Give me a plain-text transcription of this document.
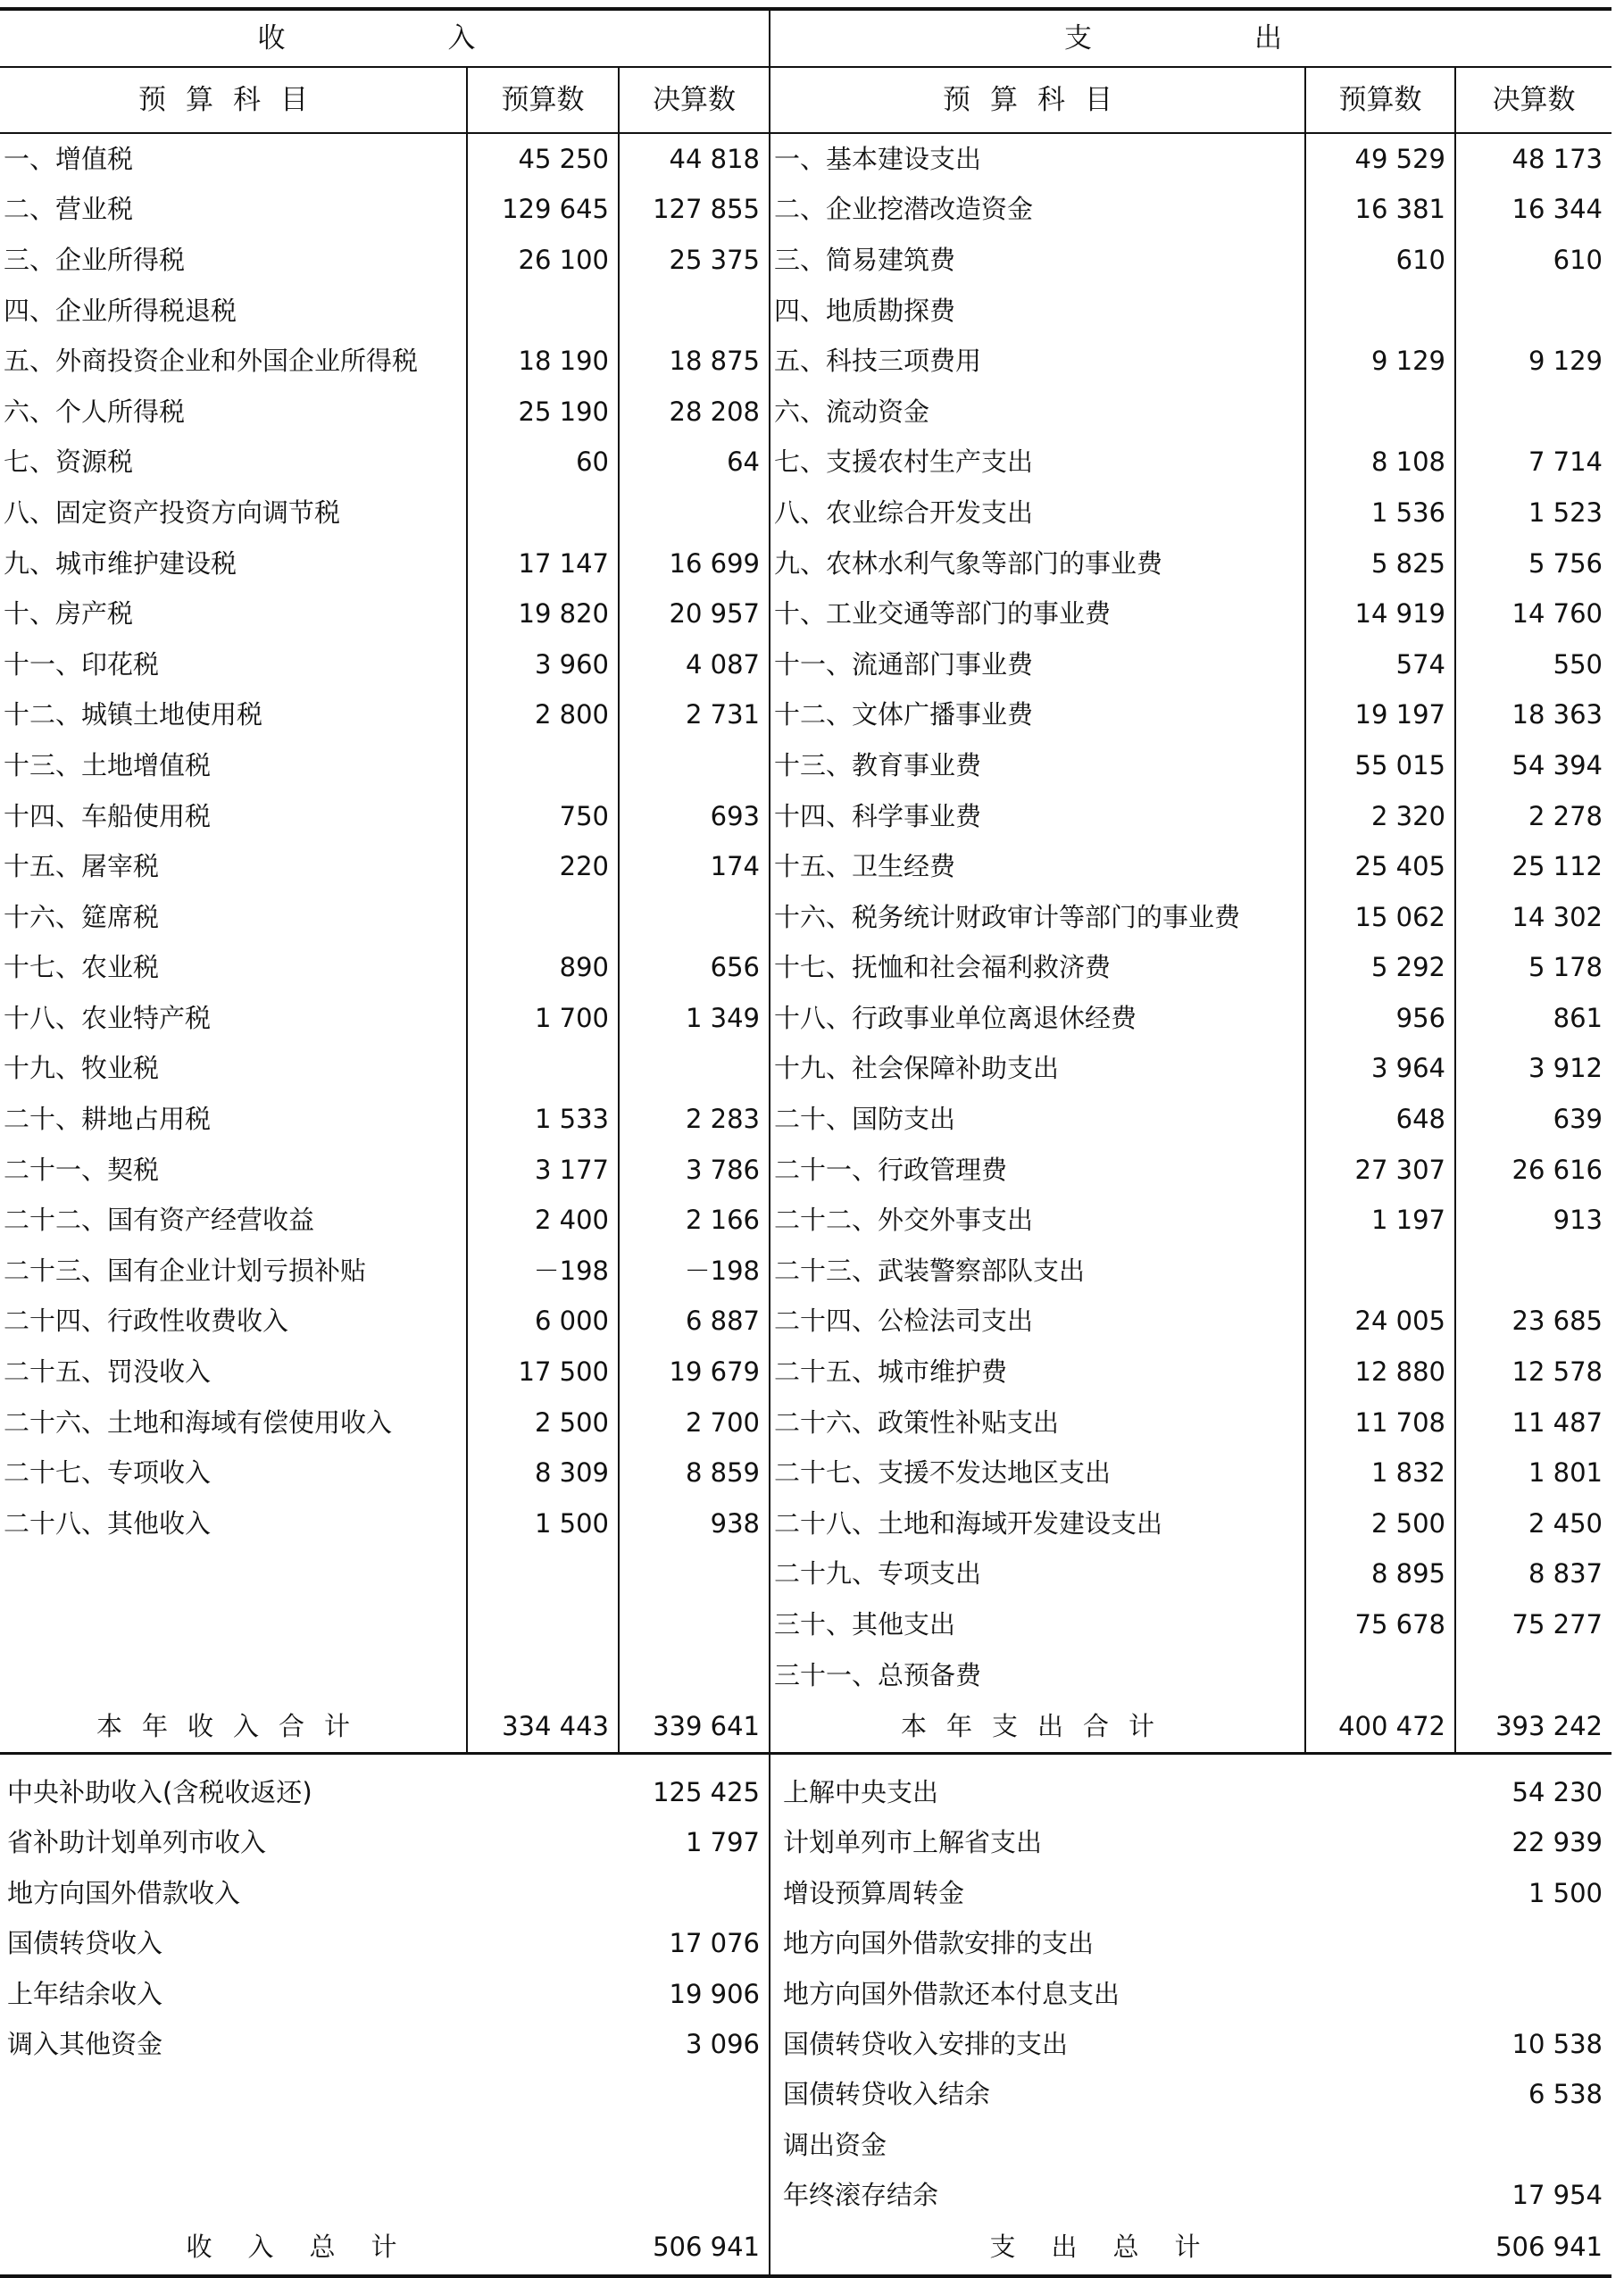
收　　入			支　　出		
预算科目	预算数	决算数	预算科目	预算数	决算数
一、增值税	45 250	44 818	一、基本建设支出	49 529	48 173
二、营业税	129 645	127 855	二、企业挖潜改造资金	16 381	16 344
三、企业所得税	26 100	25 375	三、简易建筑费	610	610
四、企业所得税退税			四、地质勘探费		
五、外商投资企业和外国企业所得税	18 190	18 875	五、科技三项费用	9 129	9 129
六、个人所得税	25 190	28 208	六、流动资金		
七、资源税	60	64	七、支援农村生产支出	8 108	7 714
八、固定资产投资方向调节税			八、农业综合开发支出	1 536	1 523
九、城市维护建设税	17 147	16 699	九、农林水利气象等部门的事业费	5 825	5 756
十、房产税	19 820	20 957	十、工业交通等部门的事业费	14 919	14 760
十一、印花税	3 960	4 087	十一、流通部门事业费	574	550
十二、城镇土地使用税	2 800	2 731	十二、文体广播事业费	19 197	18 363
十三、土地增值税			十三、教育事业费	55 015	54 394
十四、车船使用税	750	693	十四、科学事业费	2 320	2 278
十五、屠宰税	220	174	十五、卫生经费	25 405	25 112
十六、筵席税			十六、税务统计财政审计等部门的事业费	15 062	14 302
十七、农业税	890	656	十七、抚恤和社会福利救济费	5 292	5 178
十八、农业特产税	1 700	1 349	十八、行政事业单位离退休经费	956	861
十九、牧业税			十九、社会保障补助支出	3 964	3 912
二十、耕地占用税	1 533	2 283	二十、国防支出	648	639
二十一、契税	3 177	3 786	二十一、行政管理费	27 307	26 616
二十二、国有资产经营收益	2 400	2 166	二十二、外交外事支出	1 197	913
二十三、国有企业计划亏损补贴	－198	－198	二十三、武装警察部队支出		
二十四、行政性收费收入	6 000	6 887	二十四、公检法司支出	24 005	23 685
二十五、罚没收入	17 500	19 679	二十五、城市维护费	12 880	12 578
二十六、土地和海域有偿使用收入	2 500	2 700	二十六、政策性补贴支出	11 708	11 487
二十七、专项收入	8 309	8 859	二十七、支援不发达地区支出	1 832	1 801
二十八、其他收入	1 500	938	二十八、土地和海域开发建设支出	2 500	2 450
			二十九、专项支出	8 895	8 837
			三十、其他支出	75 678	75 277
			三十一、总预备费		
本年收入合计	334 443	339 641	本年支出合计	400 472	393 242
中央补助收入(含税收返还)		125 425	上解中央支出		54 230
省补助计划单列市收入		1 797	计划单列市上解省支出		22 939
地方向国外借款收入			增设预算周转金		1 500
国债转贷收入		17 076	地方向国外借款安排的支出		
上年结余收入		19 906	地方向国外借款还本付息支出		
调入其他资金		3 096	国债转贷收入安排的支出		10 538
			国债转贷收入结余		6 538
			调出资金		
			年终滚存结余		17 954
收入总计		506 941	支出总计		506 941
